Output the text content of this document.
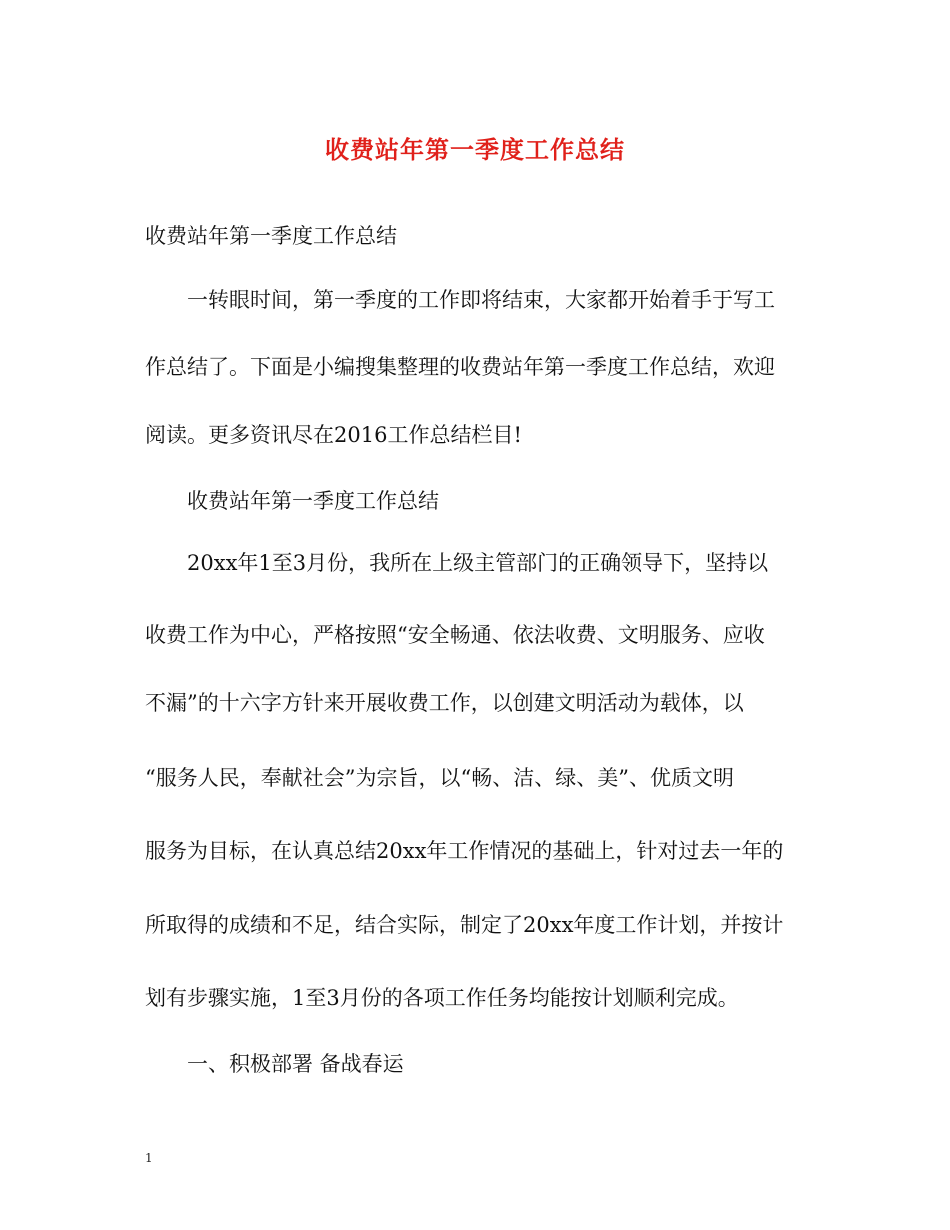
收费站年第一季度工作总结
收费站年第一季度工作总结
一转眼时间，第一季度的工作即将结束，大家都开始着手于写工
作总结了。下面是小编搜集整理的收费站年第一季度工作总结，欢迎
阅读。更多资讯尽在2016工作总结栏目!
收费站年第一季度工作总结
20xx年1至3月份，我所在上级主管部门的正确领导下，坚持以
收费工作为中心，严格按照“安全畅通、依法收费、文明服务、应收
不漏”的十六字方针来开展收费工作，以创建文明活动为载体，以
“服务人民，奉献社会”为宗旨，以“畅、洁、绿、美”、优质文明
服务为目标，在认真总结20xx年工作情况的基础上，针对过去一年的
所取得的成绩和不足，结合实际，制定了20xx年度工作计划，并按计
划有步骤实施，1至3月份的各项工作任务均能按计划顺利完成。
一、积极部署 备战春运
1
